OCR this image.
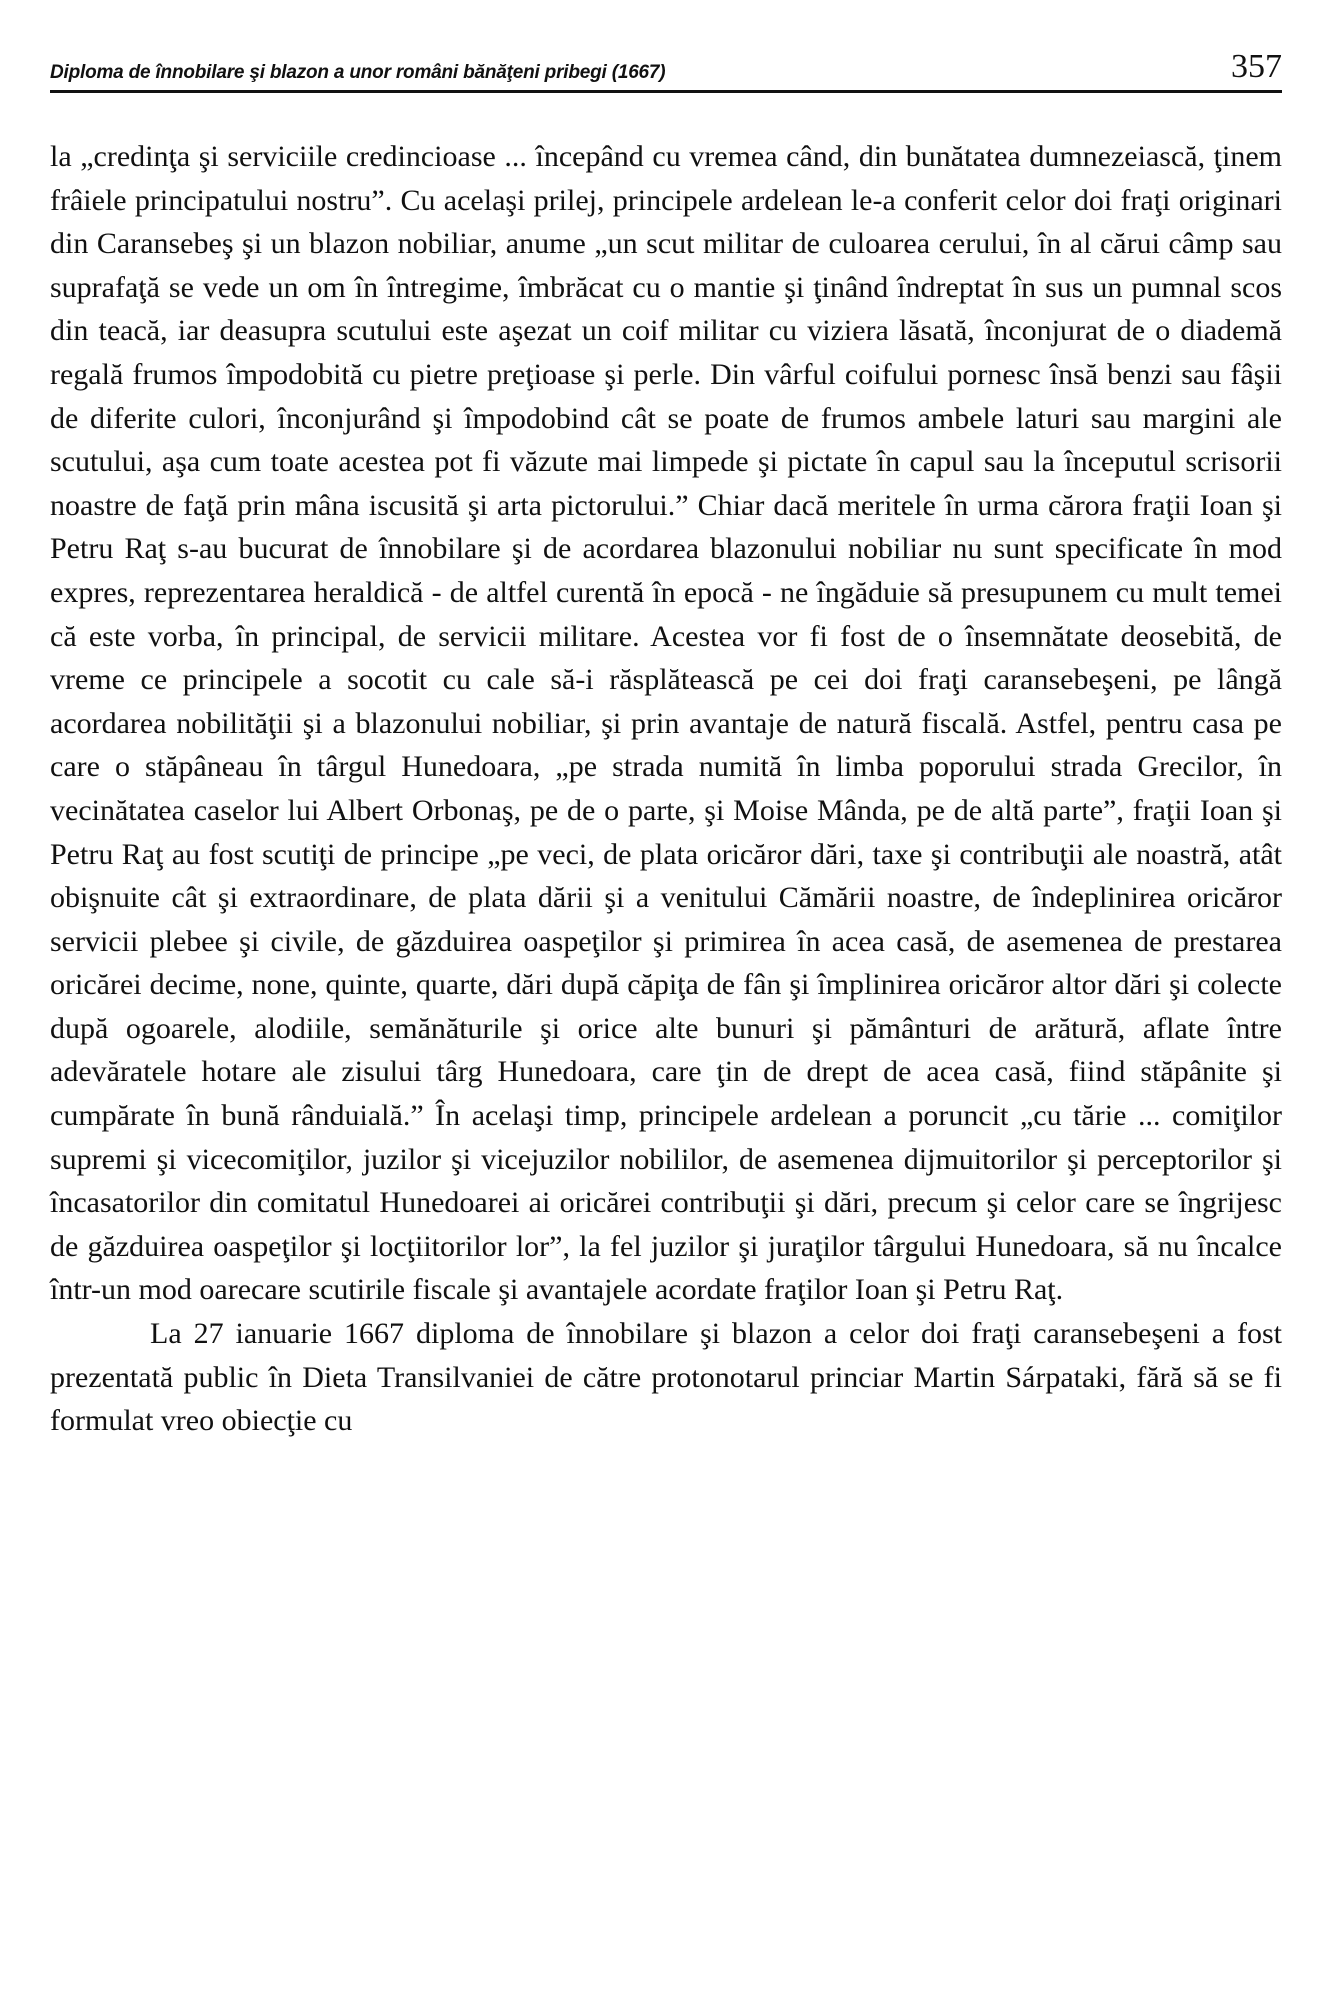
Diploma de înnobilare şi blazon a unor români bănăţeni pribegi (1667)	357

la „credinţa şi serviciile credincioase ... începând cu vremea când, din bunătatea dumnezeiască, ţinem frâiele principatului nostru”. Cu acelaşi prilej, principele ardelean le-a conferit celor doi fraţi originari din Caransebeş şi un blazon nobiliar, anume „un scut militar de culoarea cerului, în al cărui câmp sau suprafaţă se vede un om în întregime, îmbrăcat cu o mantie şi ţinând îndreptat în sus un pumnal scos din teacă, iar deasupra scutului este aşezat un coif militar cu viziera lăsată, înconjurat de o diademă regală frumos împodobită cu pietre preţioase şi perle. Din vârful coifului pornesc însă benzi sau fâşii de diferite culori, înconjurând şi împodobind cât se poate de frumos ambele laturi sau margini ale scutului, aşa cum toate acestea pot fi văzute mai limpede şi pictate în capul sau la începutul scrisorii noastre de faţă prin mâna iscusită şi arta pictorului.” Chiar dacă meritele în urma cărora fraţii Ioan şi Petru Raţ s-au bucurat de înnobilare şi de acordarea blazonului nobiliar nu sunt specificate în mod expres, reprezentarea heraldică - de altfel curentă în epocă - ne îngăduie să presupunem cu mult temei că este vorba, în principal, de servicii militare. Acestea vor fi fost de o însemnătate deosebită, de vreme ce principele a socotit cu cale să-i răsplătească pe cei doi fraţi caransebeşeni, pe lângă acordarea nobilităţii şi a blazonului nobiliar, şi prin avantaje de natură fiscală. Astfel, pentru casa pe care o stăpâneau în târgul Hunedoara, „pe strada numită în limba poporului strada Grecilor, în vecinătatea caselor lui Albert Orbonaş, pe de o parte, şi Moise Mânda, pe de altă parte”, fraţii Ioan şi Petru Raţ au fost scutiţi de principe „pe veci, de plata oricăror dări, taxe şi contribuţii ale noastră, atât obişnuite cât şi extraordinare, de plata dării şi a venitului Cămării noastre, de îndeplinirea oricăror servicii plebee şi civile, de găzduirea oaspeţilor şi primirea în acea casă, de asemenea de prestarea oricărei decime, none, quinte, quarte, dări după căpiţa de fân şi împlinirea oricăror altor dări şi colecte după ogoarele, alodiile, semănăturile şi orice alte bunuri şi pământuri de arătură, aflate între adevăratele hotare ale zisului târg Hunedoara, care ţin de drept de acea casă, fiind stăpânite şi cumpărate în bună rânduială.” În acelaşi timp, principele ardelean a poruncit „cu tărie ... comiţilor supremi şi vicecomiţilor, juzilor şi vicejuzilor nobililor, de asemenea dijmuitorilor şi perceptorilor şi încasatorilor din comitatul Hunedoarei ai oricărei contribuţii şi dări, precum şi celor care se îngrijesc de găzduirea oaspeţilor şi locţiitorilor lor”, la fel juzilor şi juraţilor târgului Hunedoara, să nu încalce într-un mod oarecare scutirile fiscale şi avantajele acordate fraţilor Ioan şi Petru Raţ.

La 27 ianuarie 1667 diploma de înnobilare şi blazon a celor doi fraţi caransebeşeni a fost prezentată public în Dieta Transilvaniei de către protonotarul princiar Martin Sárpataki, fără să se fi formulat vreo obiecţie cu
